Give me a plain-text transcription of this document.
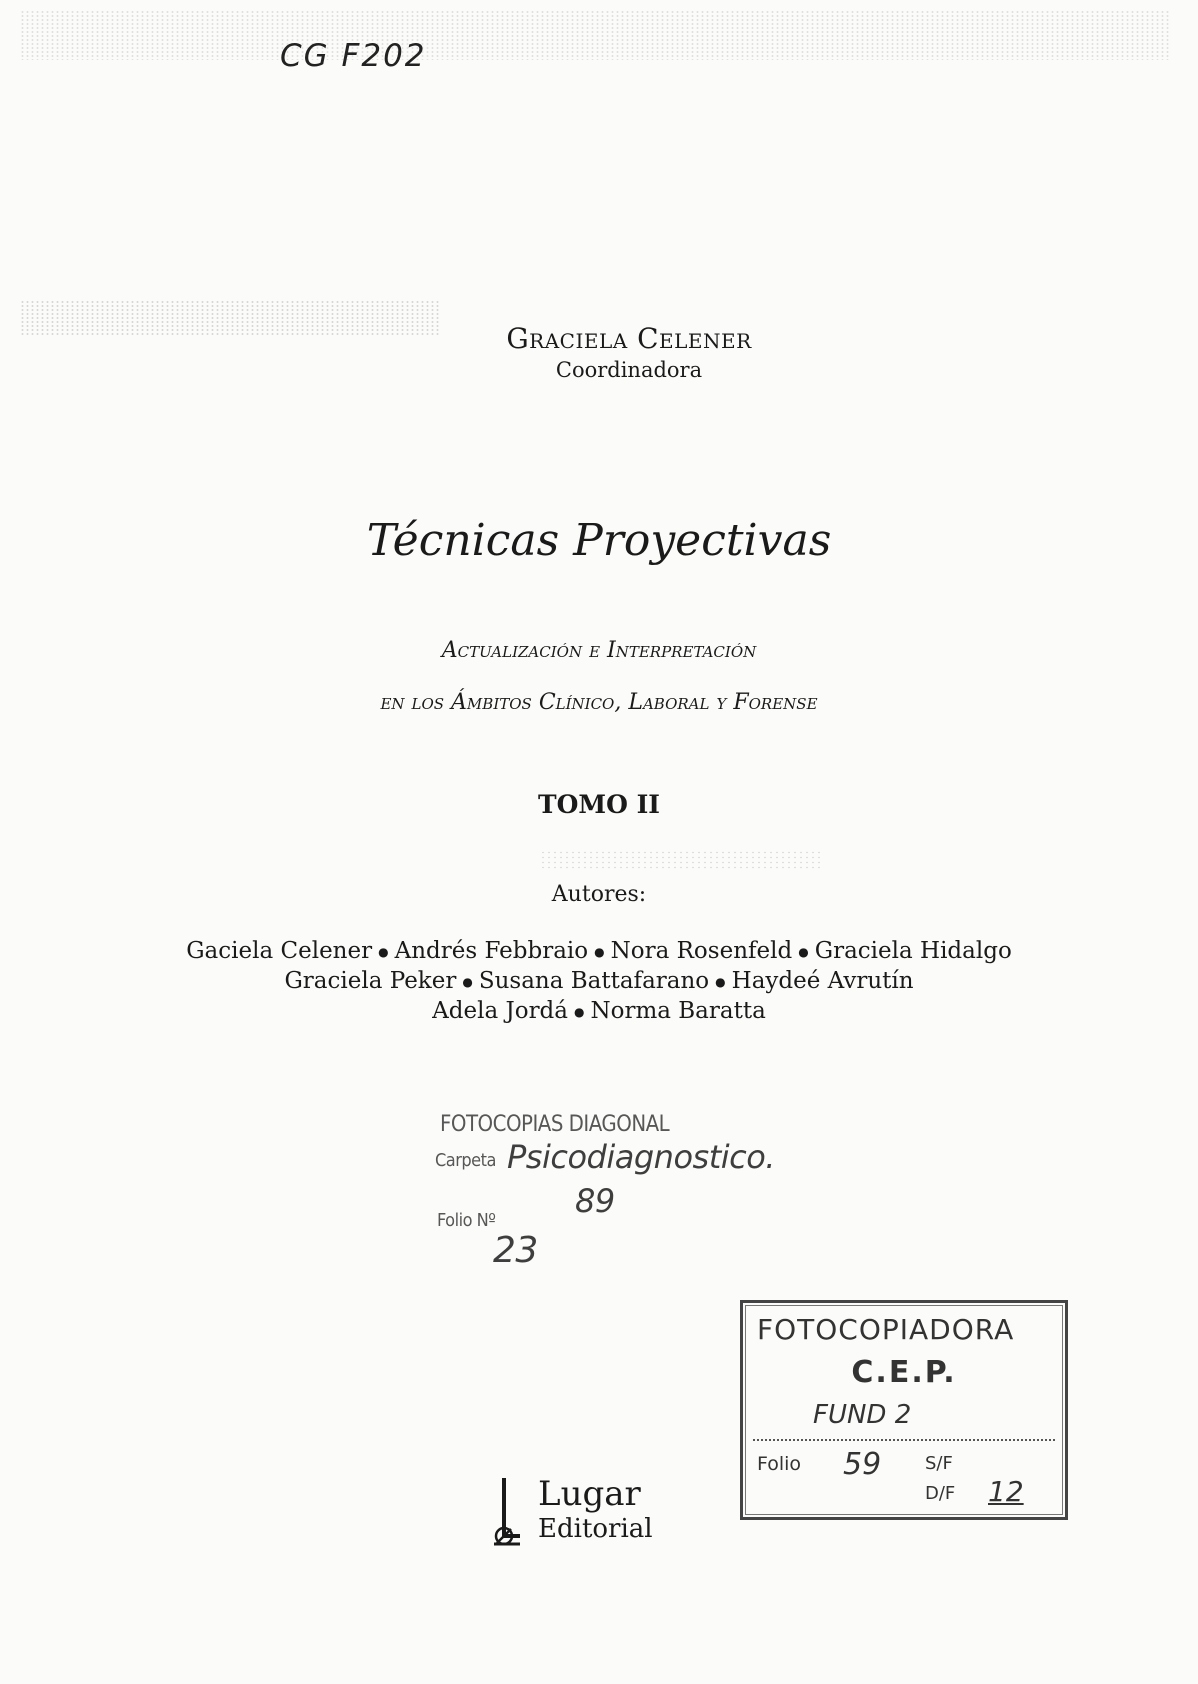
CG F202
Graciela Celener
Coordinadora
Técnicas Proyectivas
Actualización e Interpretación
en los Ámbitos Clínico, Laboral y Forense
TOMO II
Autores:
Gaciela Celener ● Andrés Febbraio ● Nora Rosenfeld ● Graciela Hidalgo
Graciela Peker ● Susana Battafarano ● Haydeé Avrutín
Adela Jordá ● Norma Baratta
FOTOCOPIAS DIAGONAL
Carpeta Psicodiagnostico.
89
Folio Nº
23
FOTOCOPIADORA
C.E.P.
FUND 2
Folio 59 S/F
D/F 12
Lugar
Editorial
